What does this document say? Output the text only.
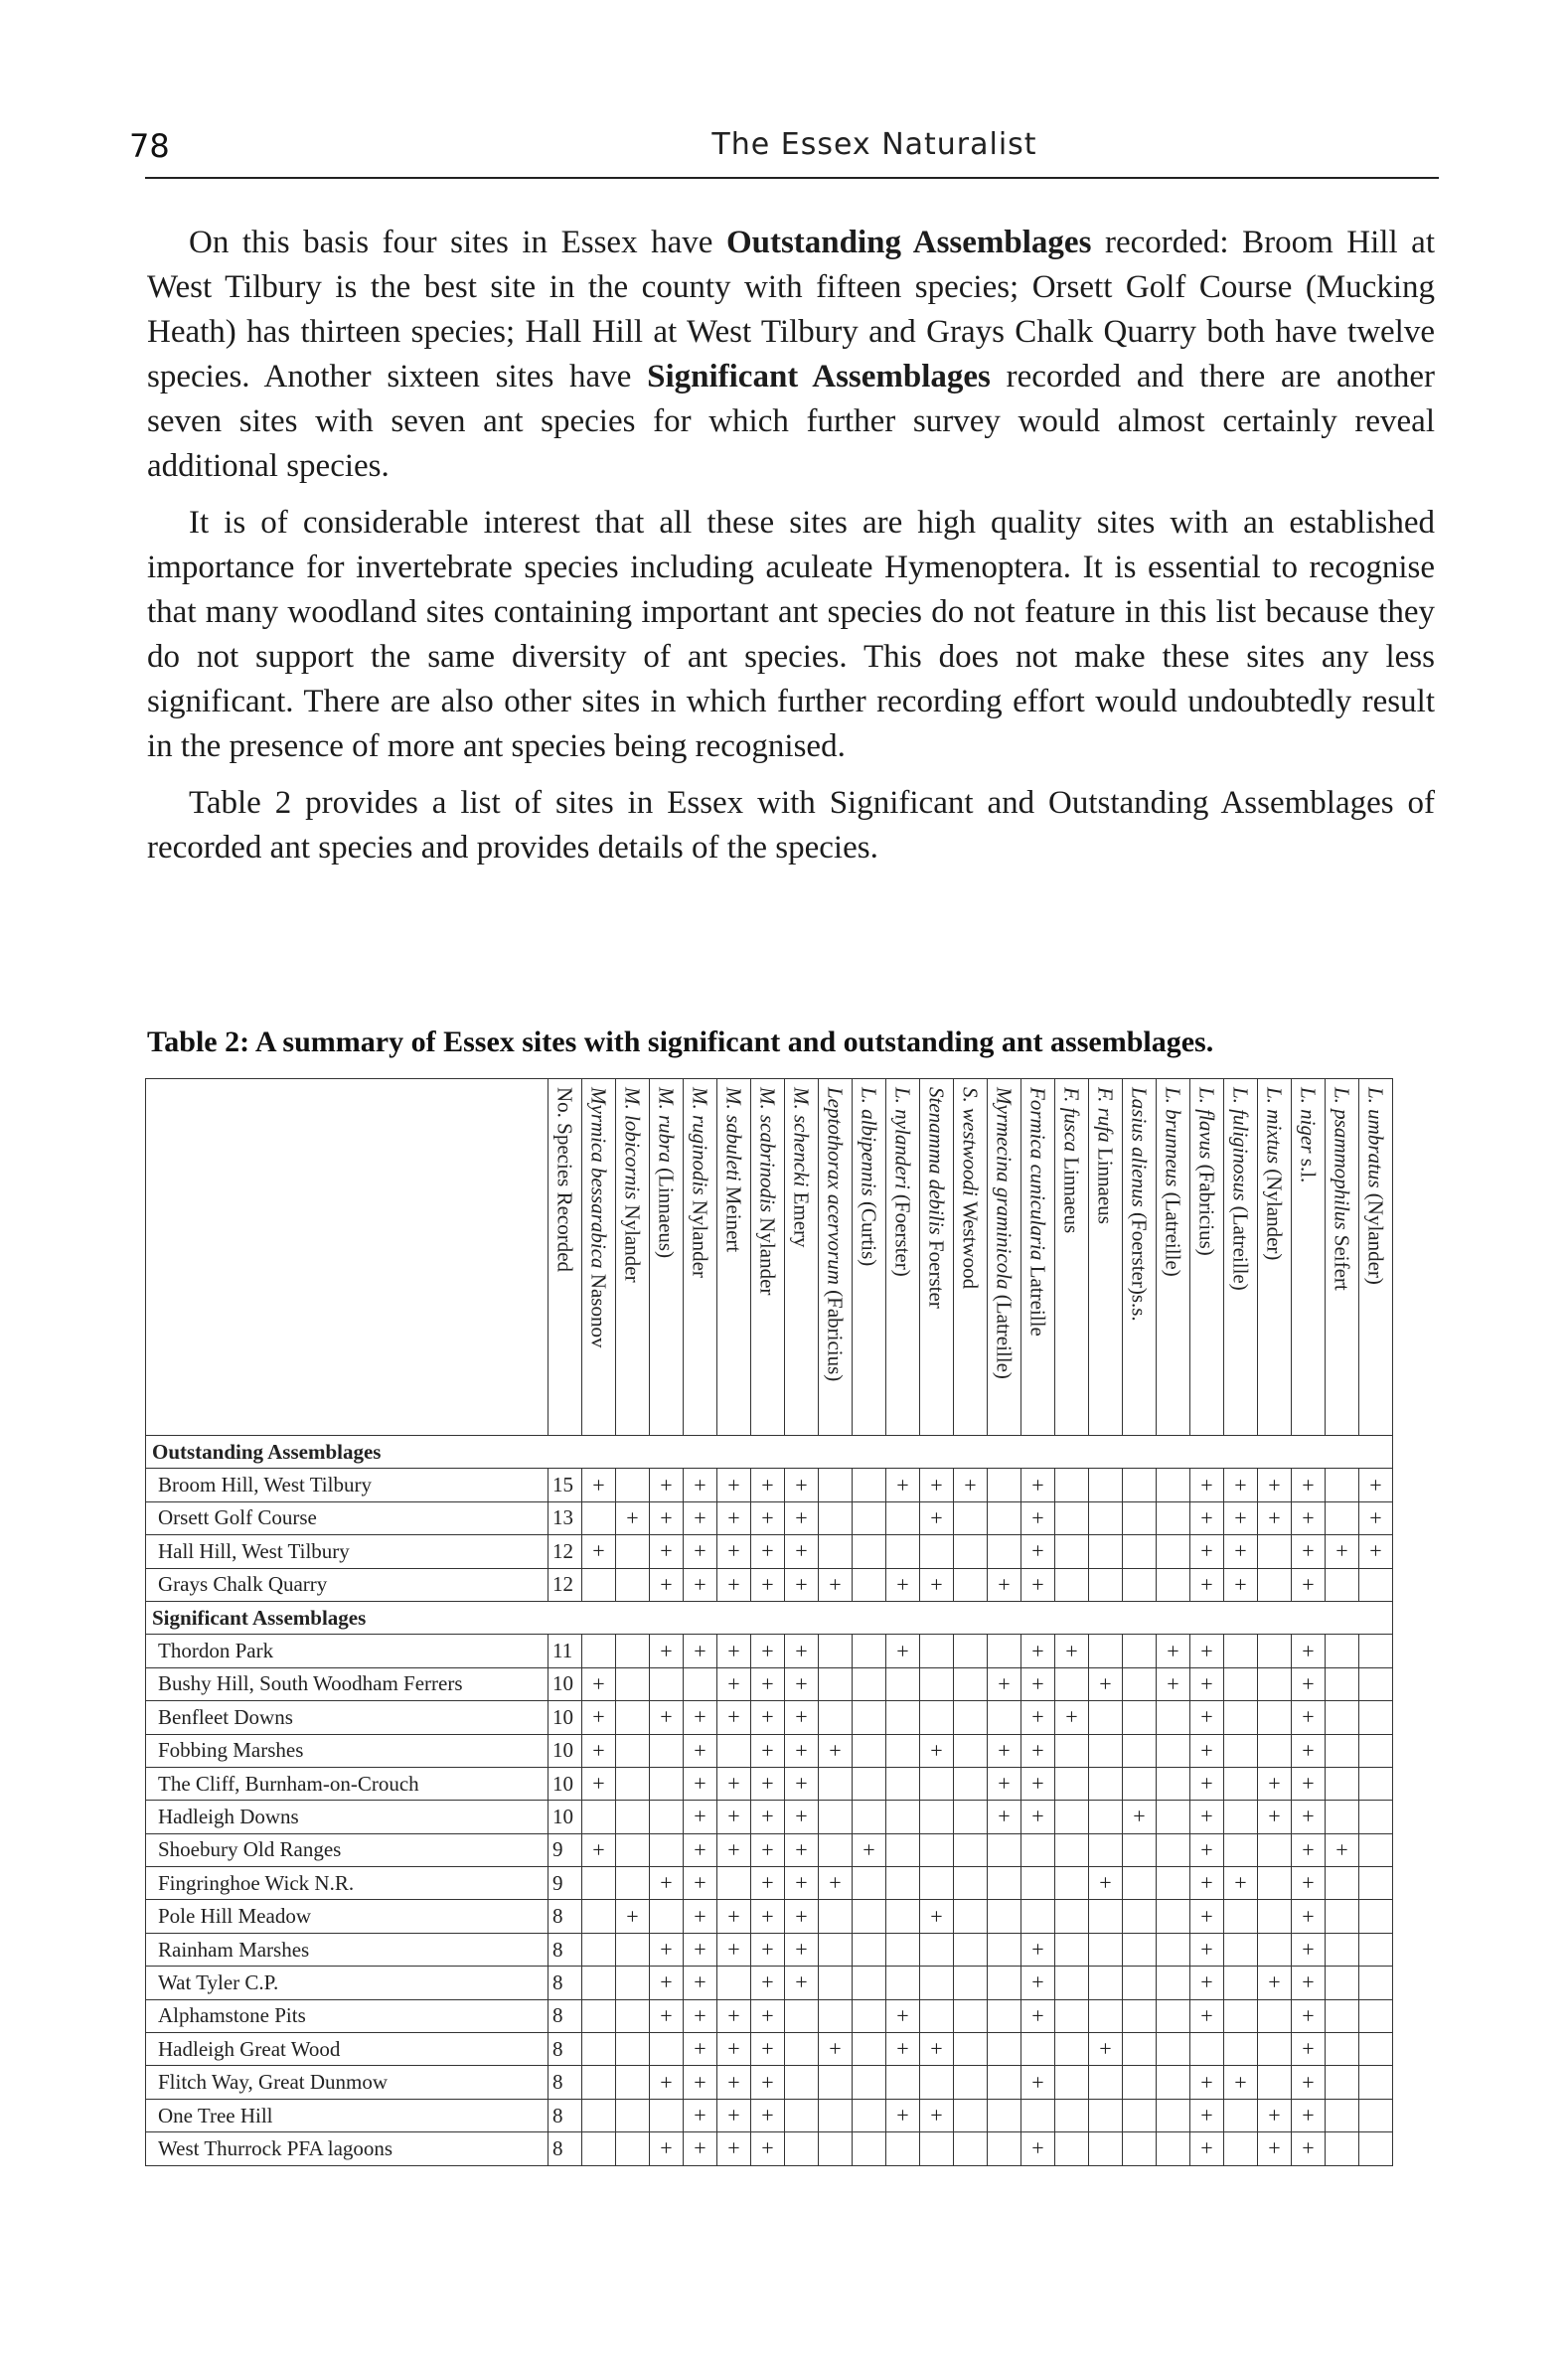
78	The Essex Naturalist

On this basis four sites in Essex have Outstanding Assemblages recorded: Broom Hill at West Tilbury is the best site in the county with fifteen species; Orsett Golf Course (Mucking Heath) has thirteen species; Hall Hill at West Tilbury and Grays Chalk Quarry both have twelve species. Another sixteen sites have Significant Assemblages recorded and there are another seven sites with seven ant species for which further survey would almost certainly reveal additional species.

It is of considerable interest that all these sites are high quality sites with an established importance for invertebrate species including aculeate Hymenoptera. It is essential to recognise that many woodland sites containing important ant species do not feature in this list because they do not support the same diversity of ant species. This does not make these sites any less significant. There are also other sites in which further recording effort would undoubtedly result in the presence of more ant species being recognised.

Table 2 provides a list of sites in Essex with Significant and Outstanding Assemblages of recorded ant species and provides details of the species.

Table 2: A summary of Essex sites with significant and outstanding ant assemblages.

	No. Species Recorded	Myrmica bessarabica Nasonov	M. lobicornis Nylander	M. rubra (Linnaeus)	M. ruginodis Nylander	M. sabuleti Meinert	M. scabrinodis Nylander	M. schencki Emery	Leptothorax acervorum (Fabricius)	L. albipennis (Curtis)	L. nylanderi (Foerster)	Stenamma debilis Foerster	S. westwoodi Westwood	Myrmecina graminicola (Latreille)	Formica cunicularia Latreille	F. fusca Linnaeus	F. rufa Linnaeus	Lasius alienus (Foerster)s.s.	L. brunneus (Latreille)	L. flavus (Fabricius)	L. fuliginosus (Latreille)	L. mixtus (Nylander)	L. niger s.l.	L. psammophilus Seifert	L. umbratus (Nylander)

Outstanding Assemblages																									
Broom Hill, West Tilbury	15	+		+	+	+	+	+			+	+	+		+					+	+	+	+		+
Orsett Golf Course	13		+	+	+	+	+	+				+			+					+	+	+	+		+
Hall Hill, West Tilbury	12	+		+	+	+	+	+							+					+	+		+	+	+
Grays Chalk Quarry	12			+	+	+	+	+	+		+	+		+	+					+	+		+		
Significant Assemblages																									
Thordon Park	11			+	+	+	+	+			+				+	+			+	+			+		
Bushy Hill, South Woodham Ferrers	10	+				+	+	+						+	+		+		+	+			+		
Benfleet Downs	10	+		+	+	+	+	+							+	+				+			+		
Fobbing Marshes	10	+			+		+	+	+			+		+	+					+			+		
The Cliff, Burnham-on-Crouch	10	+			+	+	+	+						+	+					+		+	+		
Hadleigh Downs	10				+	+	+	+						+	+			+		+		+	+		
Shoebury Old Ranges	9	+			+	+	+	+		+										+			+	+	
Fingringhoe Wick N.R.	9			+	+		+	+	+								+			+	+		+		
Pole Hill Meadow	8		+		+	+	+	+				+								+			+		
Rainham Marshes	8			+	+	+	+	+							+					+			+		
Wat Tyler C.P.	8			+	+		+	+							+					+		+	+		
Alphamstone Pits	8			+	+	+	+				+				+					+			+		
Hadleigh Great Wood	8				+	+	+		+		+	+					+						+		
Flitch Way, Great Dunmow	8			+	+	+	+								+					+	+		+		
One Tree Hill	8				+	+	+				+	+								+		+	+		
West Thurrock PFA lagoons	8			+	+	+	+								+					+		+	+		
